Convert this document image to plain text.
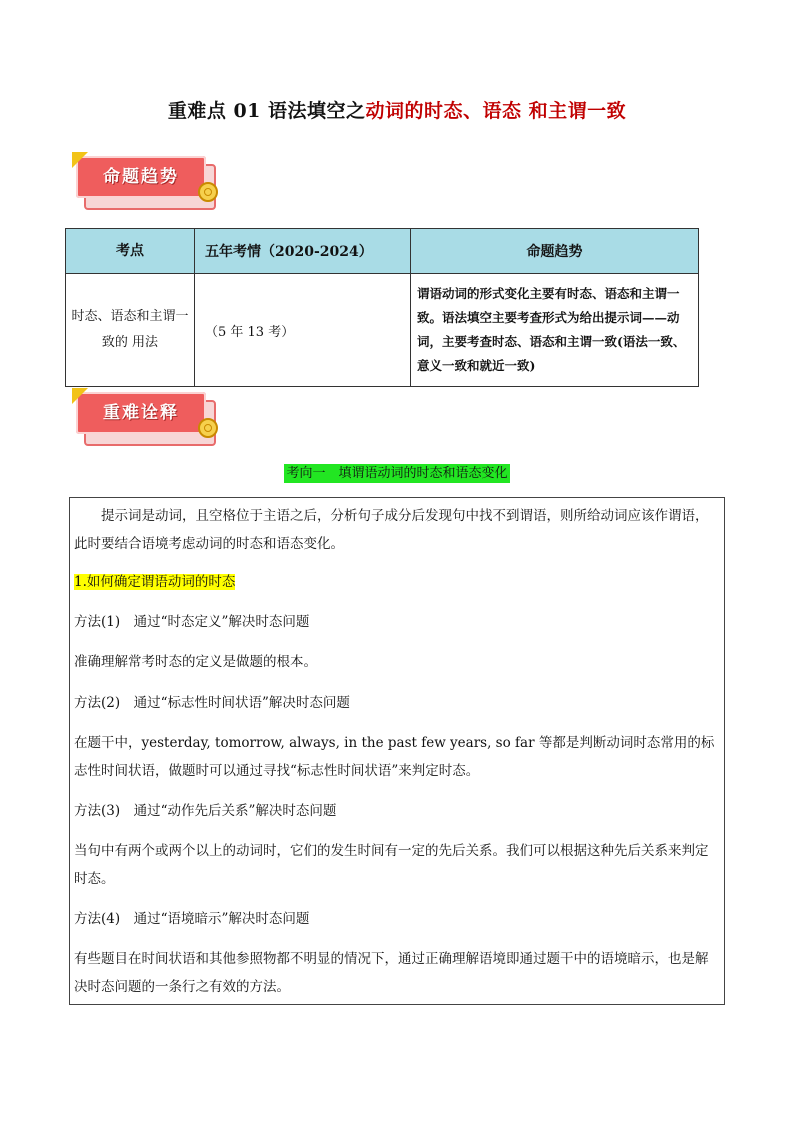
重难点 01 语法填空之动词的时态、语态 和主谓一致
命题趋势
考点	五年考情（2020-2024）	命题趋势
时态、语态和主谓一致的 用法	（5 年 13 考）	谓语动词的形式变化主要有时态、语态和主谓一致。语法填空主要考查形式为给出提示词——动词，主要考查时态、语态和主谓一致(语法一致、意义一致和就近一致)
重难诠释
考向一　填谓语动词的时态和语态变化
提示词是动词，且空格位于主语之后，分析句子成分后发现句中找不到谓语，则所给动词应该作谓语，此时要结合语境考虑动词的时态和语态变化。
1.如何确定谓语动词的时态
方法(1)　通过“时态定义”解决时态问题
准确理解常考时态的定义是做题的根本。
方法(2)　通过“标志性时间状语”解决时态问题
在题干中，yesterday, tomorrow, always, in the past few years, so far 等都是判断动词时态常用的标志性时间状语，做题时可以通过寻找“标志性时间状语”来判定时态。
方法(3)　通过“动作先后关系”解决时态问题
当句中有两个或两个以上的动词时，它们的发生时间有一定的先后关系。我们可以根据这种先后关系来判定时态。
方法(4)　通过“语境暗示”解决时态问题
有些题目在时间状语和其他参照物都不明显的情况下，通过正确理解语境即通过题干中的语境暗示，也是解决时态问题的一条行之有效的方法。
